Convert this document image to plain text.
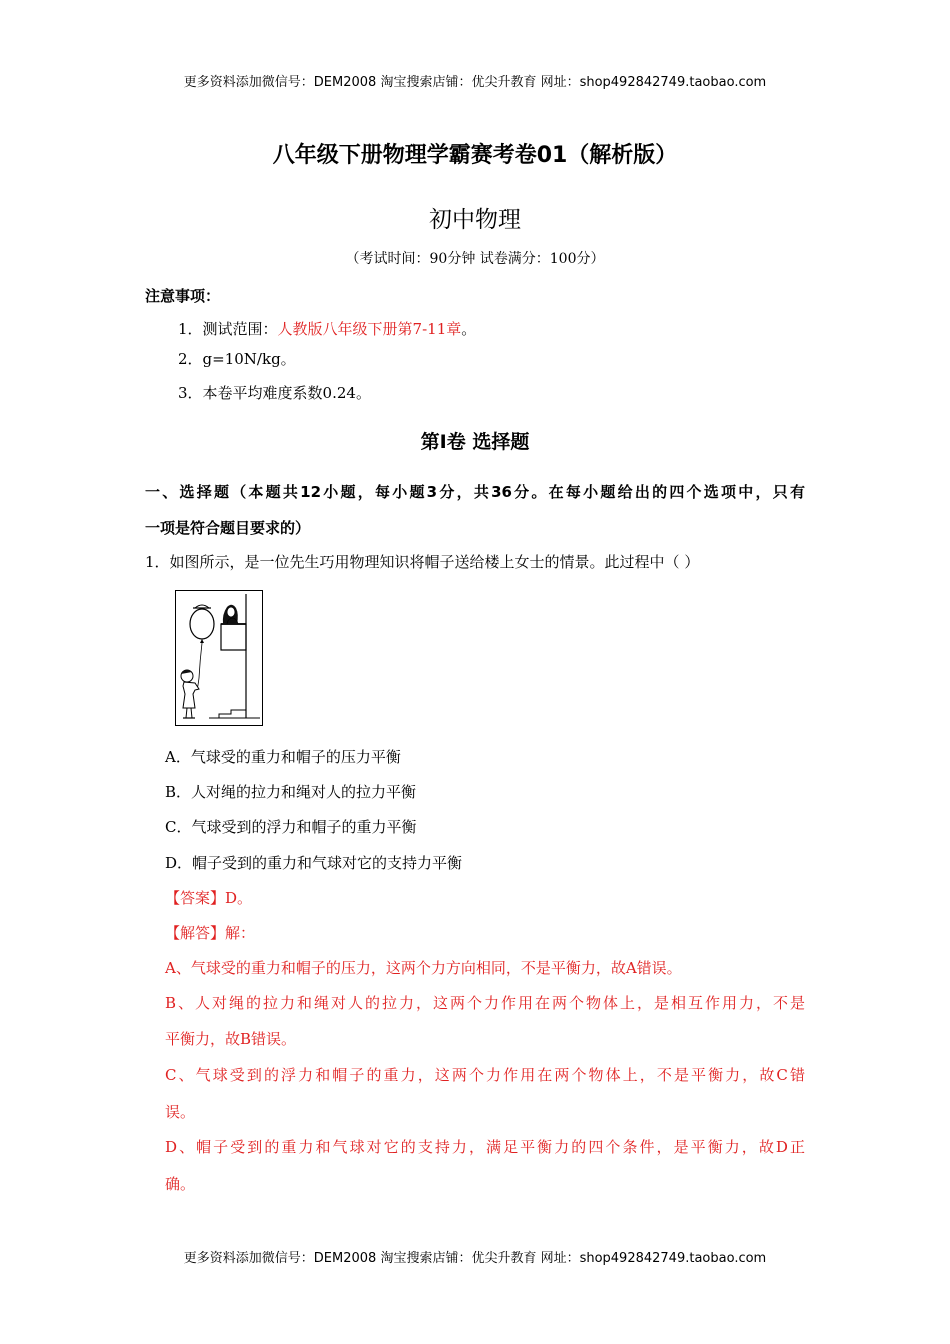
更多资料添加微信号：DEM2008 淘宝搜索店铺：优尖升教育 网址：shop492842749.taobao.com
八年级下册物理学霸赛考卷01（解析版）
初中物理
（考试时间：90分钟 试卷满分：100分）
注意事项：
1．测试范围：人教版八年级下册第7-11章。
2．g=10N/kg。
3．本卷平均难度系数0.24。
第Ⅰ卷 选择题
一、选择题（本题共12小题，每小题3分，共36分。在每小题给出的四个选项中，只有
一项是符合题目要求的）
1．如图所示，是一位先生巧用物理知识将帽子送给楼上女士的情景。此过程中（ ）
A．气球受的重力和帽子的压力平衡
B．人对绳的拉力和绳对人的拉力平衡
C．气球受到的浮力和帽子的重力平衡
D．帽子受到的重力和气球对它的支持力平衡
【答案】D。
【解答】解：
A、气球受的重力和帽子的压力，这两个力方向相同，不是平衡力，故A错误。
B、人对绳的拉力和绳对人的拉力，这两个力作用在两个物体上，是相互作用力，不是
平衡力，故B错误。
C、气球受到的浮力和帽子的重力，这两个力作用在两个物体上，不是平衡力，故C错
误。
D、帽子受到的重力和气球对它的支持力，满足平衡力的四个条件，是平衡力，故D正
确。
更多资料添加微信号：DEM2008 淘宝搜索店铺：优尖升教育 网址：shop492842749.taobao.com
